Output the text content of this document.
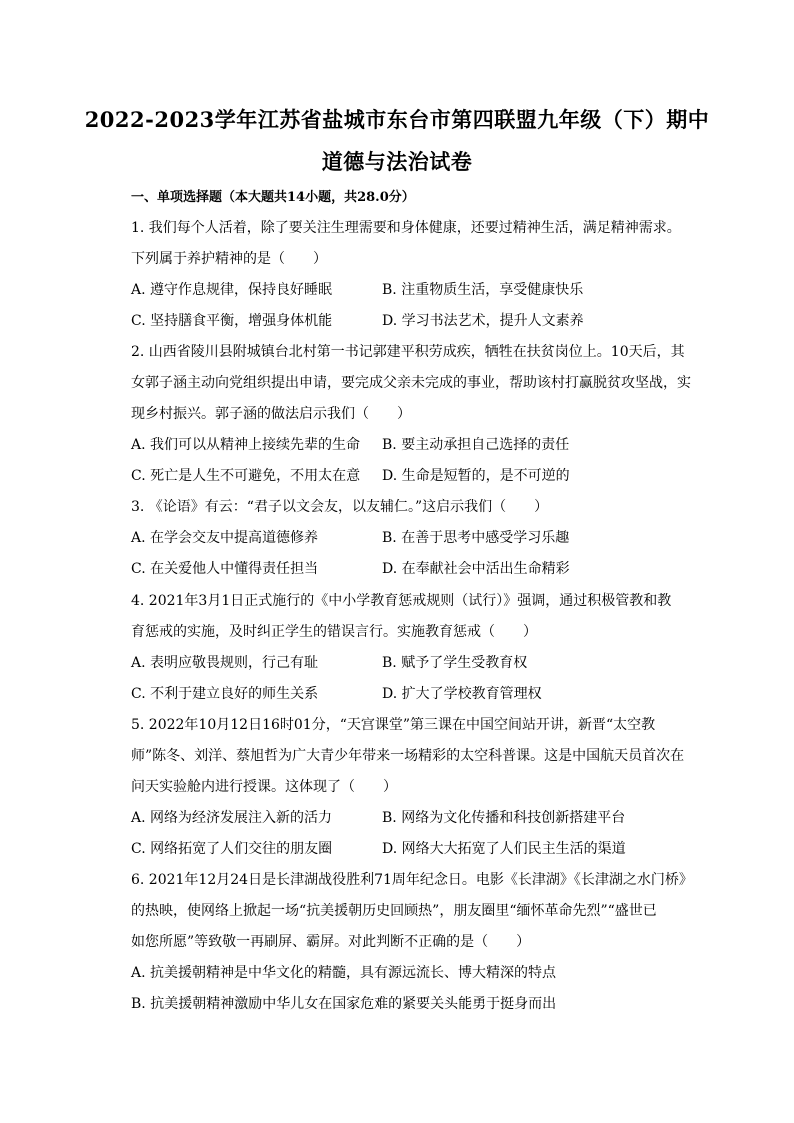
2022-2023学年江苏省盐城市东台市第四联盟九年级（下）期中
道德与法治试卷
一、单项选择题（本大题共14小题，共28.0分）
1. 我们每个人活着，除了要关注生理需要和身体健康，还要过精神生活，满足精神需求。
下列属于养护精神的是（　　）
A. 遵守作息规律，保持良好睡眠	B. 注重物质生活，享受健康快乐
C. 坚持膳食平衡，增强身体机能	D. 学习书法艺术，提升人文素养
2. 山西省陵川县附城镇台北村第一书记郭建平积劳成疾，牺牲在扶贫岗位上。10天后，其
女郭子涵主动向党组织提出申请，要完成父亲未完成的事业，帮助该村打赢脱贫攻坚战，实
现乡村振兴。郭子涵的做法启示我们（　　）
A. 我们可以从精神上接续先辈的生命 B. 要主动承担自己选择的责任
C. 死亡是人生不可避免，不用太在意 D. 生命是短暂的，是不可逆的
3. 《论语》有云：“君子以文会友，以友辅仁。”这启示我们（　　）
A. 在学会交友中提高道德修养	B. 在善于思考中感受学习乐趣
C. 在关爱他人中懂得责任担当	D. 在奉献社会中活出生命精彩
4. 2021年3月1日正式施行的《中小学教育惩戒规则（试行）》强调，通过积极管教和教
育惩戒的实施，及时纠正学生的错误言行。实施教育惩戒（　　）
A. 表明应敬畏规则，行己有耻	B. 赋予了学生受教育权
C. 不利于建立良好的师生关系	D. 扩大了学校教育管理权
5. 2022年10月12日16时01分，“天宫课堂”第三课在中国空间站开讲，新晋“太空教
师”陈冬、刘洋、蔡旭哲为广大青少年带来一场精彩的太空科普课。这是中国航天员首次在
问天实验舱内进行授课。这体现了（　　）
A. 网络为经济发展注入新的活力	B. 网络为文化传播和科技创新搭建平台
C. 网络拓宽了人们交往的朋友圈	D. 网络大大拓宽了人们民主生活的渠道
6. 2021年12月24日是长津湖战役胜利71周年纪念日。电影《长津湖》《长津湖之水门桥》
的热映，使网络上掀起一场“抗美援朝历史回顾热”，朋友圈里“缅怀革命先烈”“盛世已
如您所愿”等致敬一再刷屏、霸屏。对此判断不正确的是（　　）
A. 抗美援朝精神是中华文化的精髓，具有源远流长、博大精深的特点
B. 抗美援朝精神激励中华儿女在国家危难的紧要关头能勇于挺身而出
